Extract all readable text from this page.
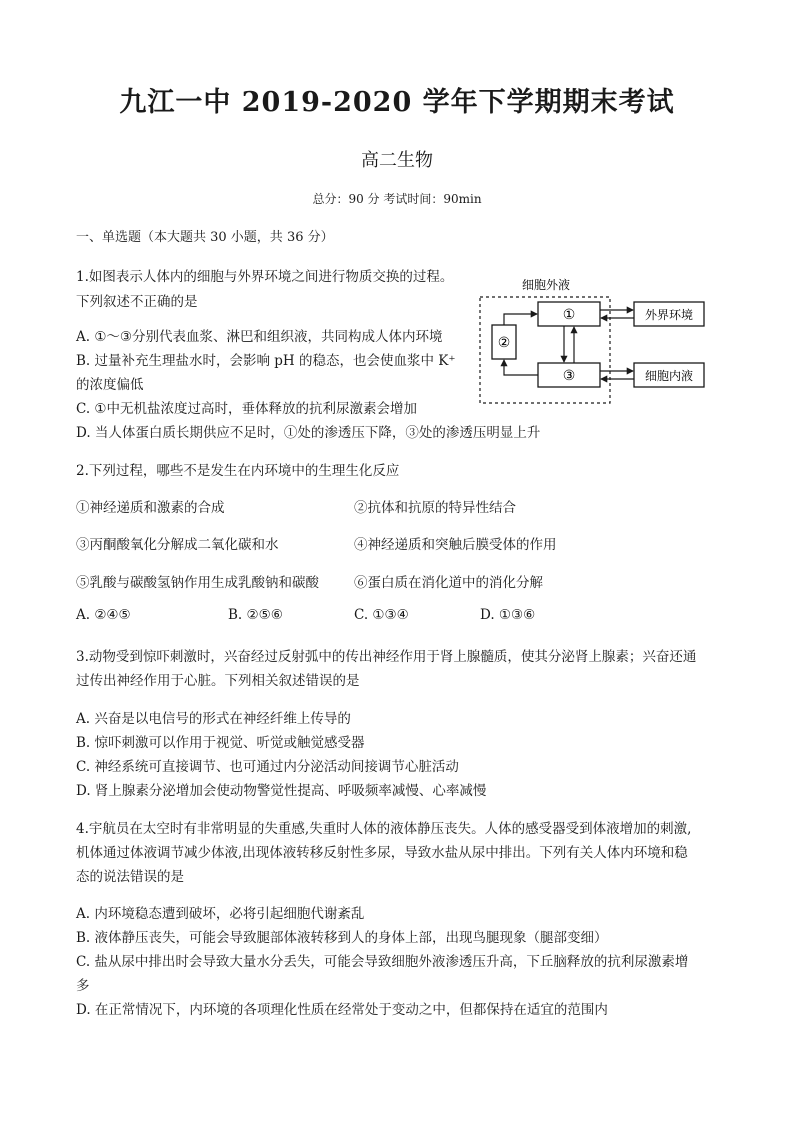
九江一中 2019-2020 学年下学期期末考试
高二生物
总分：90 分 考试时间：90min
一、单选题（本大题共 30 小题，共 36 分）
1.如图表示人体内的细胞与外界环境之间进行物质交换的过程。
下列叙述不正确的是
A. ①～③分别代表血浆、淋巴和组织液，共同构成人体内环境
B. 过量补充生理盐水时，会影响 pH 的稳态，也会使血浆中 K⁺
的浓度偏低
C. ①中无机盐浓度过高时，垂体释放的抗利尿激素会增加
D. 当人体蛋白质长期供应不足时，①处的渗透压下降，③处的渗透压明显上升
细胞外液
①
②
③
外界环境
细胞内液
2.下列过程，哪些不是发生在内环境中的生理生化反应
①神经递质和激素的合成	②抗体和抗原的特异性结合
③丙酮酸氧化分解成二氧化碳和水	④神经递质和突触后膜受体的作用
⑤乳酸与碳酸氢钠作用生成乳酸钠和碳酸	⑥蛋白质在消化道中的消化分解
A. ②④⑤	B. ②⑤⑥	C. ①③④	D. ①③⑥
3.动物受到惊吓刺激时，兴奋经过反射弧中的传出神经作用于肾上腺髓质，使其分泌肾上腺素；兴奋还通
过传出神经作用于心脏。下列相关叙述错误的是
A. 兴奋是以电信号的形式在神经纤维上传导的
B. 惊吓刺激可以作用于视觉、听觉或触觉感受器
C. 神经系统可直接调节、也可通过内分泌活动间接调节心脏活动
D. 肾上腺素分泌增加会使动物警觉性提高、呼吸频率减慢、心率减慢
4.宇航员在太空时有非常明显的失重感,失重时人体的液体静压丧失。人体的感受器受到体液增加的刺激,
机体通过体液调节减少体液,出现体液转移反射性多尿，导致水盐从尿中排出。下列有关人体内环境和稳
态的说法错误的是
A. 内环境稳态遭到破坏，必将引起细胞代谢紊乱
B. 液体静压丧失，可能会导致腿部体液转移到人的身体上部，出现鸟腿现象（腿部变细）
C. 盐从尿中排出时会导致大量水分丢失，可能会导致细胞外液渗透压升高，下丘脑释放的抗利尿激素增
多
D. 在正常情况下，内环境的各项理化性质在经常处于变动之中，但都保持在适宜的范围内
